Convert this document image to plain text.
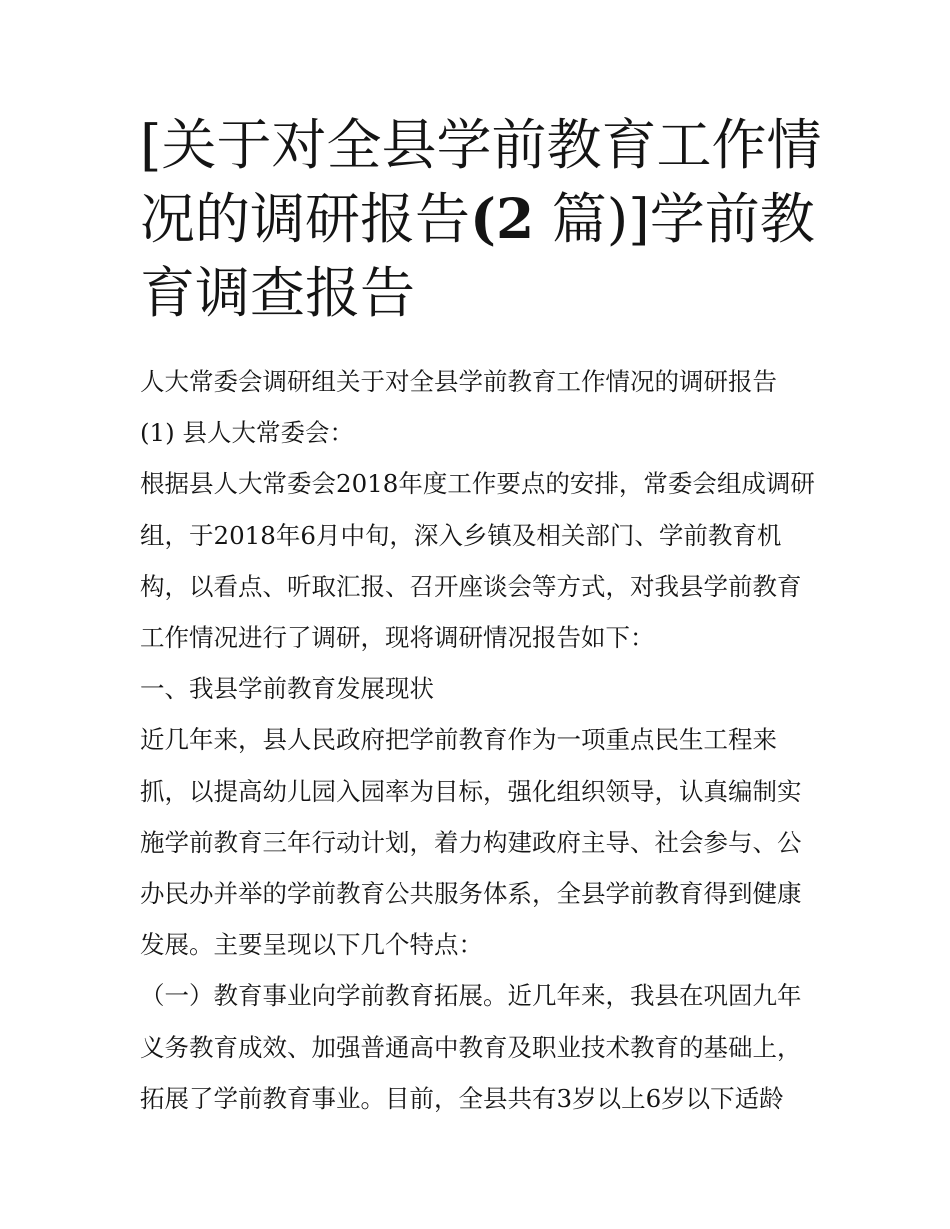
[关于对全县学前教育工作情况的调研报告(2 篇)]学前教育调查报告

人大常委会调研组关于对全县学前教育工作情况的调研报告

(1) 县人大常委会：

根据县人大常委会2018年度工作要点的安排，常委会组成调研组，于2018年6月中旬，深入乡镇及相关部门、学前教育机构，以看点、听取汇报、召开座谈会等方式，对我县学前教育工作情况进行了调研，现将调研情况报告如下：

一、我县学前教育发展现状

近几年来，县人民政府把学前教育作为一项重点民生工程来抓，以提高幼儿园入园率为目标，强化组织领导，认真编制实施学前教育三年行动计划，着力构建政府主导、社会参与、公办民办并举的学前教育公共服务体系，全县学前教育得到健康发展。主要呈现以下几个特点：

（一）教育事业向学前教育拓展。近几年来，我县在巩固九年义务教育成效、加强普通高中教育及职业技术教育的基础上，拓展了学前教育事业。目前，全县共有3岁以上6岁以下适龄
